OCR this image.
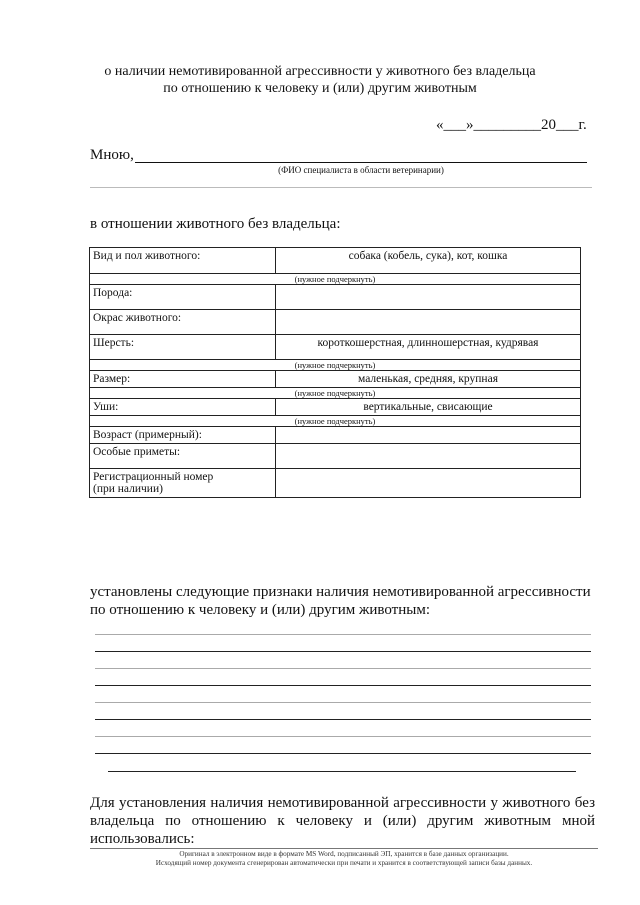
о наличии немотивированной агрессивности у животного без владельца
по отношению к человеку и (или) другим животным
«___»_________20___г.
Мною,
(ФИО специалиста в области ветеринарии)
в отношении животного без владельца:
Вид и пол животного:	собака (кобель, сука), кот, кошка
(нужное подчеркнуть)	
Порода:	
Окрас животного:	
Шерсть:	короткошерстная, длинношерстная, кудрявая
(нужное подчеркнуть)	
Размер:	маленькая, средняя, крупная
(нужное подчеркнуть)	
Уши:	вертикальные, свисающие
(нужное подчеркнуть)	
Возраст (примерный):	
Особые приметы:	
Регистрационный номер
(при наличии)	
установлены следующие признаки наличия немотивированной агрессивности по отношению к человеку и (или) другим животным:
Для установления наличия немотивированной агрессивности у животного без владельца по отношению к человеку и (или) другим животным мной использовались:
Оригинал в электронном виде в формате MS Word, подписанный ЭП, хранится в базе данных организации.
Исходящий номер документа сгенерирован автоматически при печати и хранится в соответствующей записи базы данных.
